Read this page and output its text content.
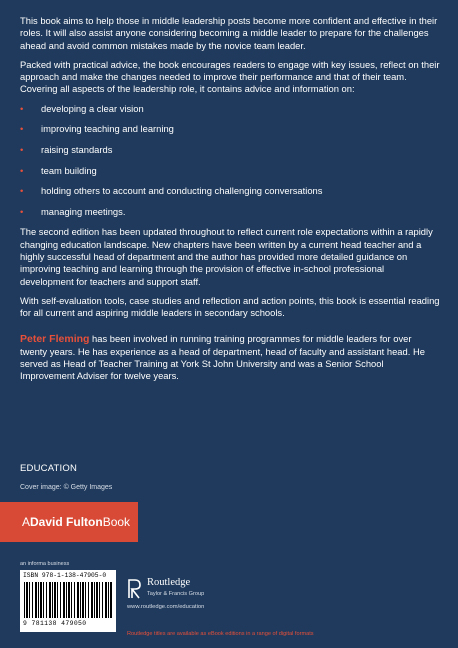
This book aims to help those in middle leadership posts become more confident and effective in their roles. It will also assist anyone considering becoming a middle leader to prepare for the challenges ahead and avoid common mistakes made by the novice team leader.

Packed with practical advice, the book encourages readers to engage with key issues, reflect on their approach and make the changes needed to improve their performance and that of their team. Covering all aspects of the leadership role, it contains advice and information on:

• developing a clear vision
• improving teaching and learning
• raising standards
• team building
• holding others to account and conducting challenging conversations
• managing meetings.

The second edition has been updated throughout to reflect current role expectations within a rapidly changing education landscape. New chapters have been written by a current head teacher and a highly successful head of department and the author has provided more detailed guidance on improving teaching and learning through the provision of effective in-school professional development for teachers and support staff.

With self-evaluation tools, case studies and reflection and action points, this book is essential reading for all current and aspiring middle leaders in secondary schools.

Peter Fleming has been involved in running training programmes for middle leaders for over twenty years. He has experience as a head of department, head of faculty and assistant head. He served as Head of Teacher Training at York St John University and was a Senior School Improvement Adviser for twelve years.

EDUCATION
Cover image: © Getty Images
A David Fulton Book
an informa business
ISBN 978-1-138-47905-0
9 781138 479050
Routledge
Taylor & Francis Group
www.routledge.com/education
Routledge titles are available as eBook editions in a range of digital formats
